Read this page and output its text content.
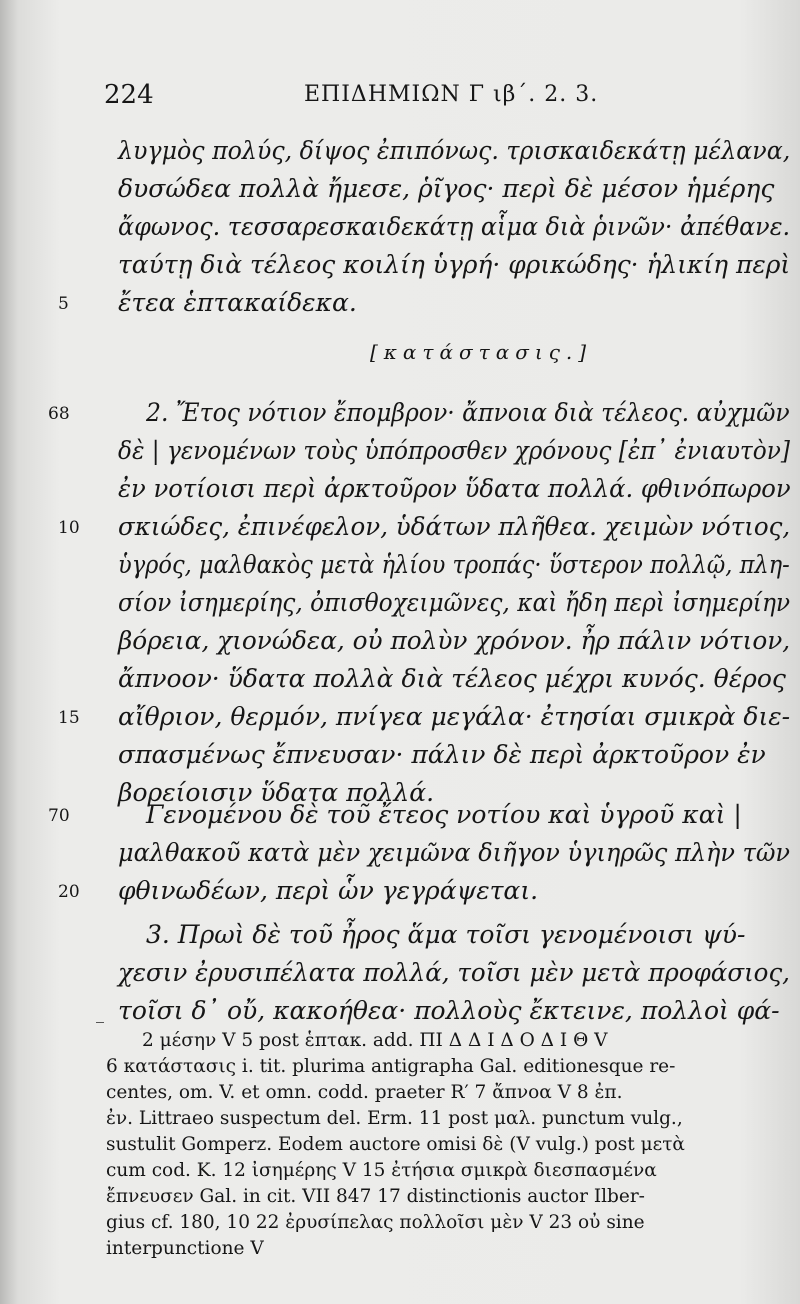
224	ΕΠΙΔΗΜΙΩΝ Γ ιβ΄. 2. 3.
λυγμὸς πολύς, δίψος ἐπιπόνως. τρισκαιδεκάτῃ μέλανα,
δυσώδεα πολλὰ ἤμεσε, ῥῖγος· περὶ δὲ μέσον ἡμέρης
ἄφωνος. τεσσαρεσκαιδεκάτῃ αἷμα διὰ ῥινῶν· ἀπέθανε.
ταύτῃ διὰ τέλεος κοιλίη ὑγρή· φρικώδης· ἡλικίη περὶ
5 ἔτεα ἑπτακαίδεκα.
[κατάστασις.]
68	2. Ἔτος νότιον ἔπομβρον· ἄπνοια διὰ τέλεος. αὐχμῶν
δὲ | γενομένων τοὺς ὑπόπροσθεν χρόνους [ἐπ᾿ ἐνιαυτὸν]
ἐν νοτίοισι περὶ ἀρκτοῦρον ὕδατα πολλά. φθινόπωρον
10 σκιώδες, ἐπινέφελον, ὑδάτων πλῆθεα. χειμὼν νότιος,
ὑγρός, μαλθακὸς μετὰ ἡλίου τροπάς· ὕστερον πολλῷ, πλη-
σίον ἰσημερίης, ὀπισθοχειμῶνες, καὶ ἤδη περὶ ἰσημερίην
βόρεια, χιονώδεα, οὐ πολὺν χρόνον. ἦρ πάλιν νότιον,
ἄπνοον· ὕδατα πολλὰ διὰ τέλεος μέχρι κυνός. θέρος
15 αἴθριον, θερμόν, πνίγεα μεγάλα· ἐτησίαι σμικρὰ διε-
σπασμένως ἔπνευσαν· πάλιν δὲ περὶ ἀρκτοῦρον ἐν
βορείοισιν ὕδατα πολλά.
70	Γενομένου δὲ τοῦ ἔτεος νοτίου καὶ ὑγροῦ καὶ |
μαλθακοῦ κατὰ μὲν χειμῶνα διῆγον ὑγιηρῶς πλὴν τῶν
20 φθινωδέων, περὶ ὧν γεγράψεται.
3. Πρωὶ δὲ τοῦ ἦρος ἅμα τοῖσι γενομένοισι ψύ-
χεσιν ἐρυσιπέλατα πολλά, τοῖσι μὲν μετὰ προφάσιος,
τοῖσι δ᾿ οὔ, κακοήθεα· πολλοὺς ἔκτεινε, πολλοὶ φά-
2 μέσην V 5 post ἑπτακ. add. ΠΙ Δ Δ Ι Δ Ο Δ Ι Θ V
6 κατάστασις i. tit. plurima antigrapha Gal. editionesque re-
centes, om. V. et omn. codd. praeter R′ 7 ἄπνοα V 8 ἐπ.
ἐν. Littraeo suspectum del. Erm. 11 post μαλ. punctum vulg.,
sustulit Gomperz. Eodem auctore omisi δὲ (V vulg.) post μετὰ
cum cod. K. 12 ἰσημέρης V 15 ἐτήσια σμικρὰ διεσπασμένα
ἔπνευσεν Gal. in cit. VII 847 17 distinctionis auctor Ilber-
gius cf. 180, 10 22 ἐρυσίπελας πολλοῖσι μὲν V 23 οὐ sine
interpunctione V
